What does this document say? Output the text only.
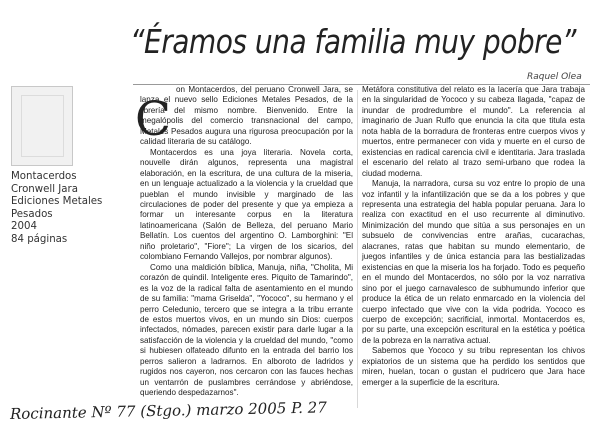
“Éramos una familia muy pobre”
Raquel Olea
Montacerdos
Cronwell Jara
Ediciones Metales
Pesados
2004
84 páginas
C

on Montacerdos, del peruano Cronwell Jara, se lanza el nuevo sello Ediciones Metales Pesados, de la librería del mismo nombre. Bienvenido. Entre la megalópolis del comercio transnacional del campo, Metales Pesados augura una rigurosa preocupación por la calidad literaria de su catálogo.

Montacerdos es una joya literaria. Novela corta, nouvelle dirán algunos, representa una magistral elaboración, en la escritura, de una cultura de la miseria, en un lenguaje actualizado a la violencia y la crueldad que pueblan el mundo invisible y marginado de las circulaciones de poder del presente y que ya empieza a formar un interesante corpus en la literatura latinoamericana (Salón de Belleza, del peruano Mario Bellatín. Los cuentos del argentino O. Lamborghini: "El niño proletario", "Fiore"; La virgen de los sicarios, del colombiano Fernando Vallejos, por nombrar algunos).

Como una maldición bíblica, Manuja, niña, "Cholita, Mi corazón de quindil. Inteligente eres. Piquito de Tamarindo", es la voz de la radical falta de asentamiento en el mundo de su familia: "mama Griselda", "Yococo", su hermano y el perro Celedunio, tercero que se integra a la tribu errante de estos muertos vivos, en un mundo sin Dios: cuerpos infectados, nómades, parecen existir para darle lugar a la satisfacción de la violencia y la crueldad del mundo, "como si hubiesen olfateado difunto en la entrada del barrio los perros salieron a ladrarnos. En alboroto de ladridos y rugidos nos cayeron, nos cercaron con las fauces hechas un ventarrón de puslambres cerrándose y abriéndose, queriendo despedazarnos".

Metáfora constitutiva del relato es la lacería que Jara trabaja en la singularidad de Yococo y su cabeza llagada, "capaz de inundar de prodredumbre el mundo". La referencia al imaginario de Juan Rulfo que enuncia la cita que titula esta nota habla de la borradura de fronteras entre cuerpos vivos y muertos, entre permanecer con vida y muerte en el curso de existencias en radical carencia civil e identitaria. Jara traslada el escenario del relato al trazo semi-urbano que rodea la ciudad moderna.

Manuja, la narradora, cursa su voz entre lo propio de una voz infantil y la infantilización que se da a los pobres y que representa una estrategia del habla popular peruana. Jara lo realiza con exactitud en el uso recurrente al diminutivo. Minimización del mundo que sitúa a sus personajes en un subsuelo de convivencias entre arañas, cucarachas, alacranes, ratas que habitan su mundo elementario, de juegos infantiles y de única estancia para las bestializadas existencias en que la miseria los ha forjado. Todo es pequeño en el mundo del Montacerdos, no sólo por la voz narrativa sino por el juego carnavalesco de subhumundo inferior que produce la ética de un relato enmarcado en la violencia del cuerpo infectado que vive con la vida podrida. Yococo es cuerpo de excepción; sacrificial, inmortal. Montacerdos es, por su parte, una excepción escritural en la estética y poética de la pobreza en la narrativa actual.

Sabemos que Yococo y su tribu representan los chivos expiatorios de un sistema que ha perdido los sentidos que miren, huelan, tocan o gustan el pudricero que Jara hace emerger a la superficie de la escritura.

Rocinante Nº 77 (Stgo.) marzo 2005 P. 27
